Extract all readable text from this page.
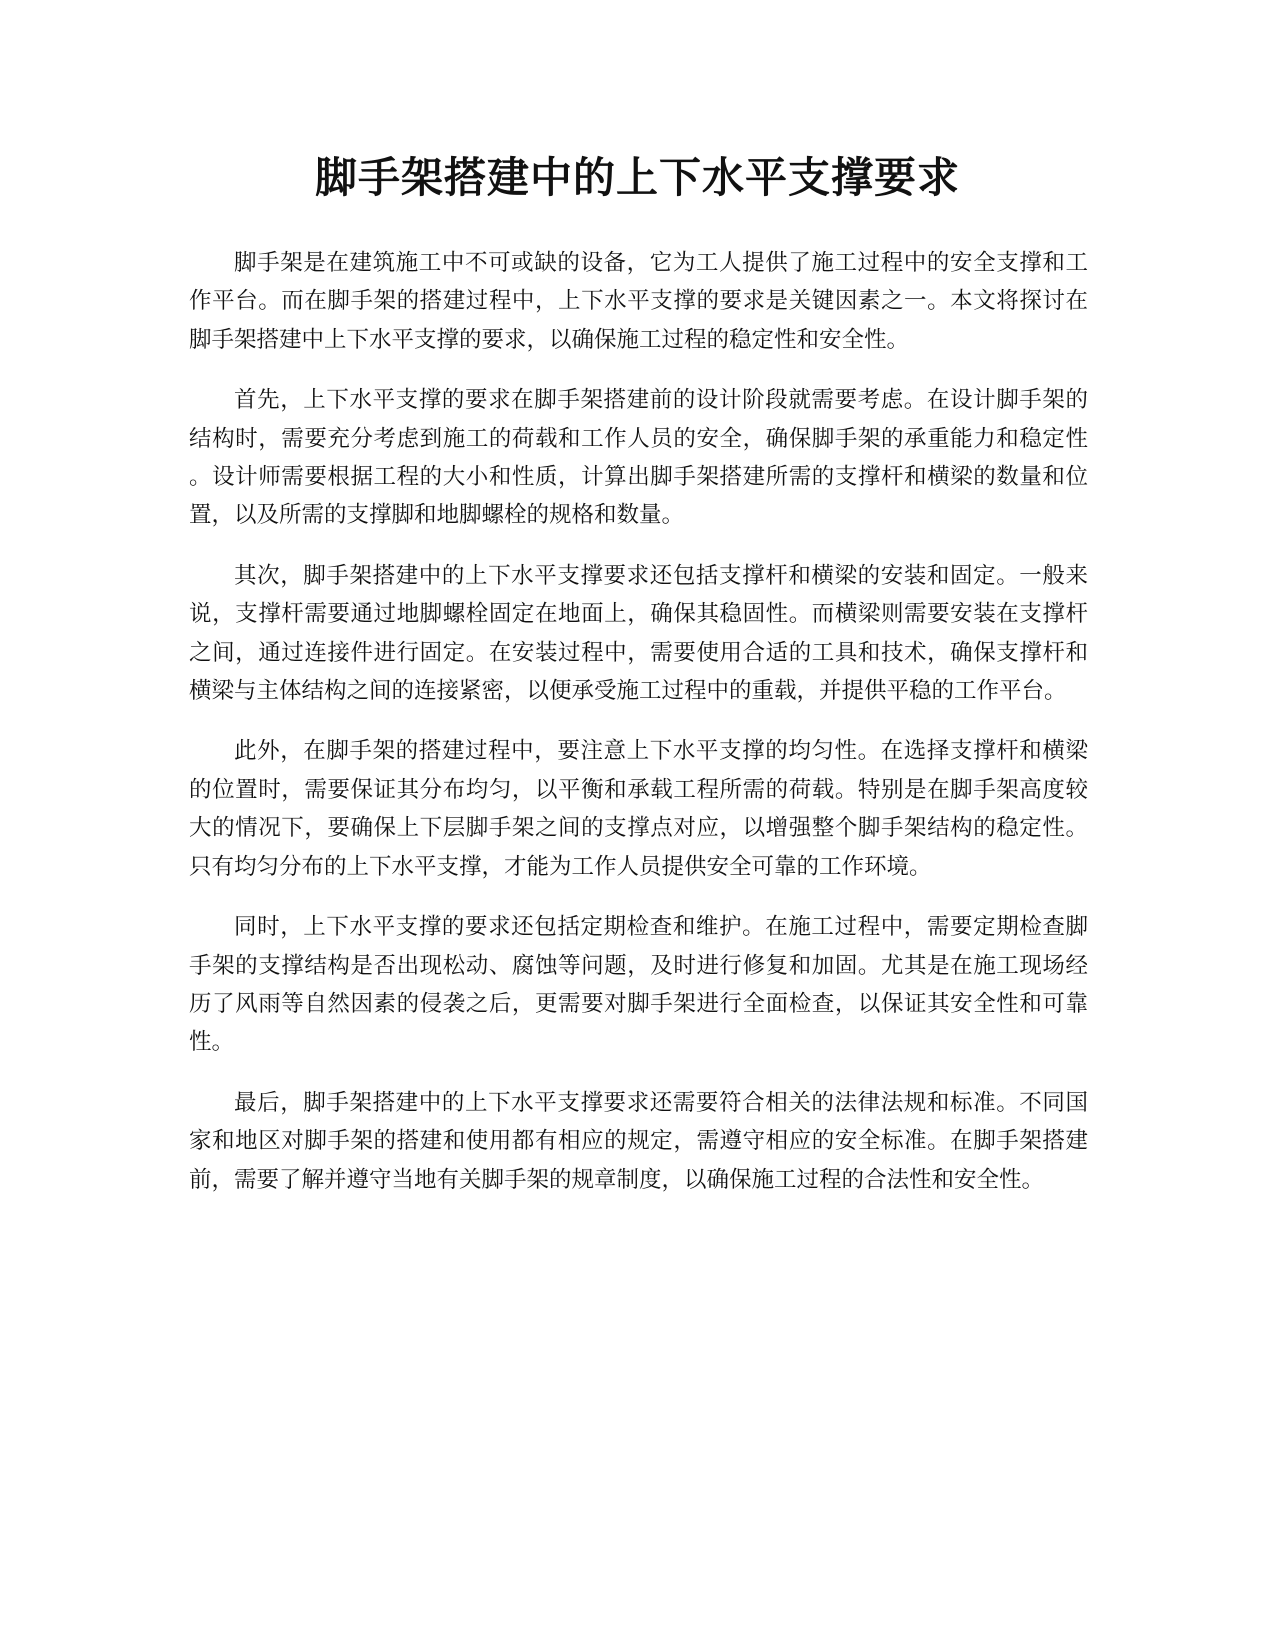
脚手架搭建中的上下水平支撑要求

脚手架是在建筑施工中不可或缺的设备，它为工人提供了施工过程中的安全支撑和工作平台。而在脚手架的搭建过程中，上下水平支撑的要求是关键因素之一。本文将探讨在脚手架搭建中上下水平支撑的要求，以确保施工过程的稳定性和安全性。

首先，上下水平支撑的要求在脚手架搭建前的设计阶段就需要考虑。在设计脚手架的结构时，需要充分考虑到施工的荷载和工作人员的安全，确保脚手架的承重能力和稳定性。设计师需要根据工程的大小和性质，计算出脚手架搭建所需的支撑杆和横梁的数量和位置，以及所需的支撑脚和地脚螺栓的规格和数量。

其次，脚手架搭建中的上下水平支撑要求还包括支撑杆和横梁的安装和固定。一般来说，支撑杆需要通过地脚螺栓固定在地面上，确保其稳固性。而横梁则需要安装在支撑杆之间，通过连接件进行固定。在安装过程中，需要使用合适的工具和技术，确保支撑杆和横梁与主体结构之间的连接紧密，以便承受施工过程中的重载，并提供平稳的工作平台。

此外，在脚手架的搭建过程中，要注意上下水平支撑的均匀性。在选择支撑杆和横梁的位置时，需要保证其分布均匀，以平衡和承载工程所需的荷载。特别是在脚手架高度较大的情况下，要确保上下层脚手架之间的支撑点对应，以增强整个脚手架结构的稳定性。只有均匀分布的上下水平支撑，才能为工作人员提供安全可靠的工作环境。

同时，上下水平支撑的要求还包括定期检查和维护。在施工过程中，需要定期检查脚手架的支撑结构是否出现松动、腐蚀等问题，及时进行修复和加固。尤其是在施工现场经历了风雨等自然因素的侵袭之后，更需要对脚手架进行全面检查，以保证其安全性和可靠性。

最后，脚手架搭建中的上下水平支撑要求还需要符合相关的法律法规和标准。不同国家和地区对脚手架的搭建和使用都有相应的规定，需遵守相应的安全标准。在脚手架搭建前，需要了解并遵守当地有关脚手架的规章制度，以确保施工过程的合法性和安全性。
